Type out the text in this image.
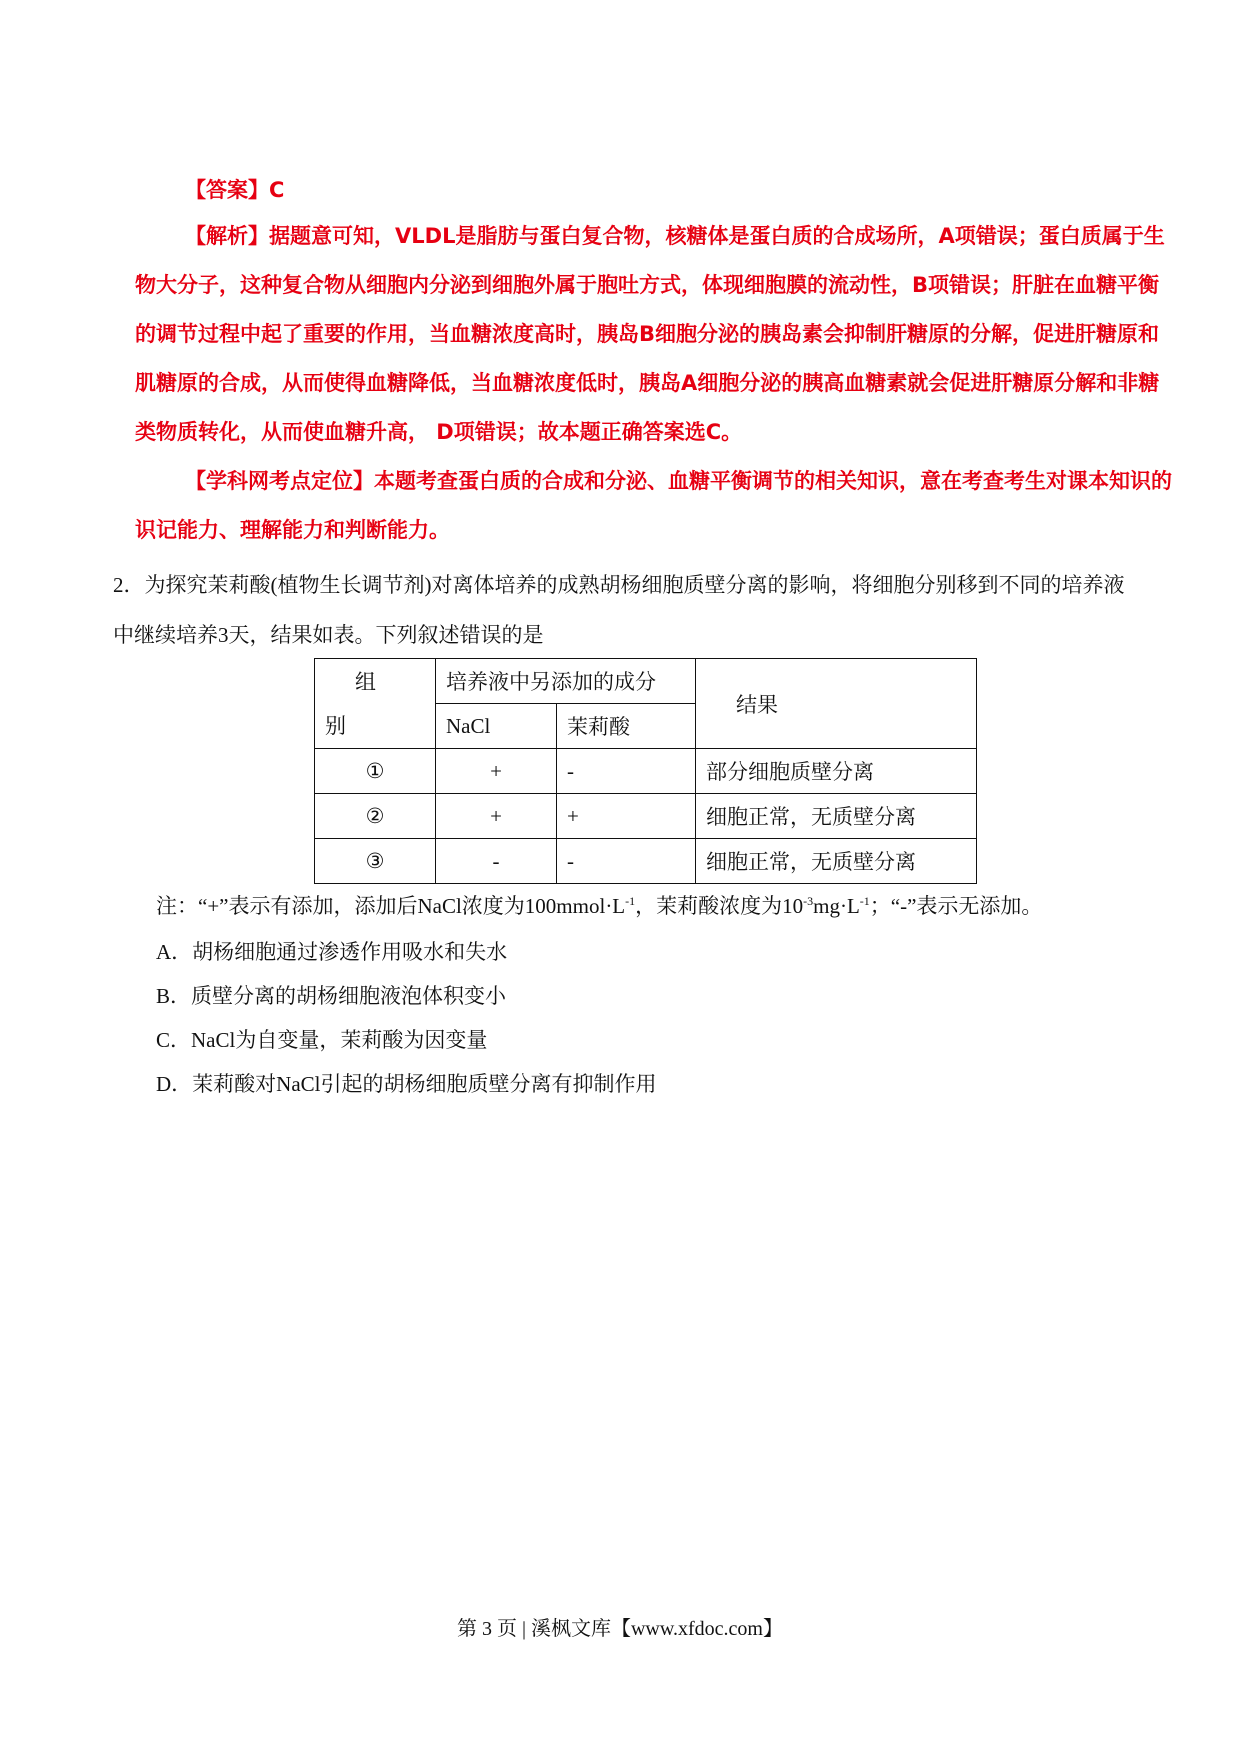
【答案】C

【解析】据题意可知，VLDL是脂肪与蛋白复合物，核糖体是蛋白质的合成场所，A项错误；蛋白质属于生物大分子，这种复合物从细胞内分泌到细胞外属于胞吐方式，体现细胞膜的流动性，B项错误；肝脏在血糖平衡的调节过程中起了重要的作用，当血糖浓度高时，胰岛B细胞分泌的胰岛素会抑制肝糖原的分解，促进肝糖原和肌糖原的合成，从而使得血糖降低，当血糖浓度低时，胰岛A细胞分泌的胰高血糖素就会促进肝糖原分解和非糖类物质转化，从而使血糖升高， D项错误；故本题正确答案选C。

【学科网考点定位】本题考查蛋白质的合成和分泌、血糖平衡调节的相关知识，意在考查考生对课本知识的识记能力、理解能力和判断能力。

2．为探究茉莉酸(植物生长调节剂)对离体培养的成熟胡杨细胞质壁分离的影响，将细胞分别移到不同的培养液中继续培养3天，结果如表。下列叙述错误的是
组
别	培养液中另添加的成分		结果
	NaCl	茉莉酸	
①	+	-	部分细胞质壁分离
②	+	+	细胞正常，无质壁分离
③	-	-	细胞正常，无质壁分离
注：“+”表示有添加，添加后NaCl浓度为$100mmol\cdot L^{-1}$，茉莉酸浓度为$10^{-3}mg\cdot L^{-1}$；“-”表示无添加。
A．胡杨细胞通过渗透作用吸水和失水
B．质壁分离的胡杨细胞液泡体积变小
C．NaCl为自变量，茉莉酸为因变量
D．茉莉酸对NaCl引起的胡杨细胞质壁分离有抑制作用
第 3 页 | 溪枫文库【www.xfdoc.com】
